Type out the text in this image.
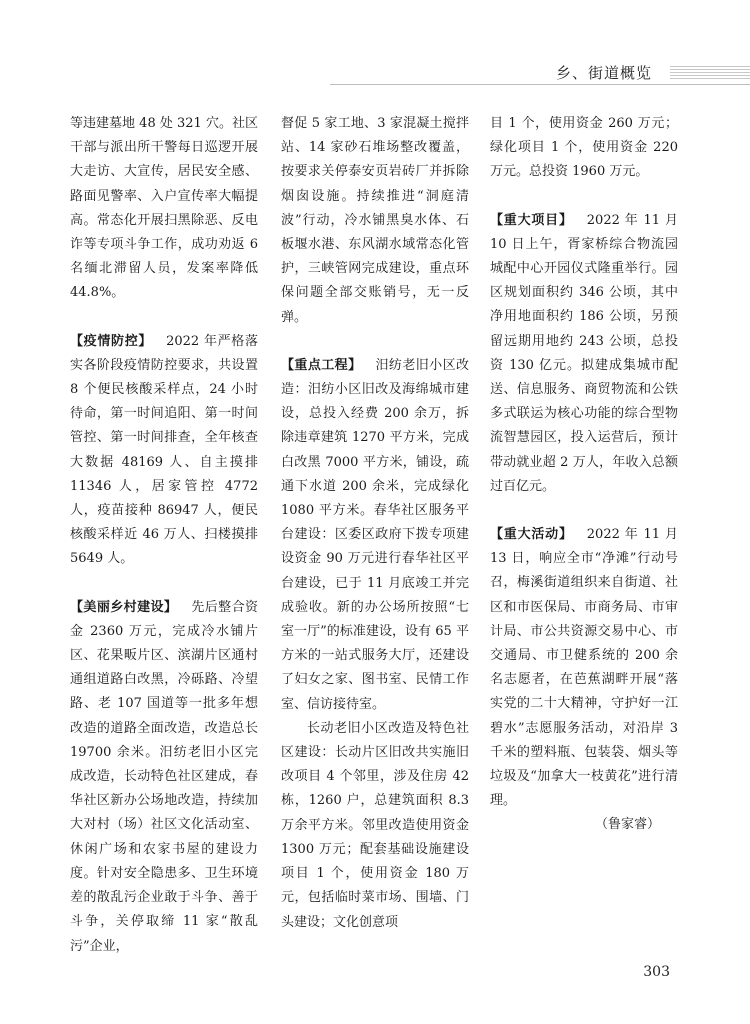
乡、街道概览

等违建墓地 48 处 321 穴。社区干部与派出所干警每日巡逻开展大走访、大宣传，居民安全感、路面见警率、入户宣传率大幅提高。常态化开展扫黑除恶、反电诈等专项斗争工作，成功劝返 6 名缅北滞留人员，发案率降低 44.8%。

【疫情防控】 2022 年严格落实各阶段疫情防控要求，共设置 8 个便民核酸采样点，24 小时待命，第一时间追阳、第一时间管控、第一时间排查，全年核查大数据 48169 人、自主摸排 11346 人，居家管控 4772 人，疫苗接种 86947 人，便民核酸采样近 46 万人、扫楼摸排 5649 人。

【美丽乡村建设】 先后整合资金 2360 万元，完成冷水铺片区、花果畈片区、滨湖片区通村通组道路白改黑，冷砾路、冷望路、老 107 国道等一批多年想改造的道路全面改造，改造总长 19700 余米。汨纺老旧小区完成改造，长动特色社区建成，春华社区新办公场地改造，持续加大对村（场）社区文化活动室、休闲广场和农家书屋的建设力度。针对安全隐患多、卫生环境差的散乱污企业敢于斗争、善于斗争，关停取缔 11 家“散乱污”企业，

督促 5 家工地、3 家混凝土搅拌站、14 家砂石堆场整改覆盖，按要求关停泰安页岩砖厂并拆除烟囱设施。持续推进“洞庭清波”行动，冷水铺黑臭水体、石板堰水港、东风湖水域常态化管护，三峡管网完成建设，重点环保问题全部交账销号，无一反弹。

【重点工程】 汨纺老旧小区改造：汨纺小区旧改及海绵城市建设，总投入经费 200 余万，拆除违章建筑 1270 平方米，完成白改黑 7000 平方米，铺设，疏通下水道 200 余米，完成绿化 1080 平方米。春华社区服务平台建设：区委区政府下拨专项建设资金 90 万元进行春华社区平台建设，已于 11 月底竣工并完成验收。新的办公场所按照“七室一厅”的标准建设，设有 65 平方米的一站式服务大厅，还建设了妇女之家、图书室、民情工作室、信访接待室。

长动老旧小区改造及特色社区建设：长动片区旧改共实施旧改项目 4 个邻里，涉及住房 42 栋，1260 户，总建筑面积 8.3 万余平方米。邻里改造使用资金 1300 万元；配套基础设施建设项目 1 个，使用资金 180 万元，包括临时菜市场、围墙、门头建设；文化创意项

目 1 个，使用资金 260 万元；绿化项目 1 个，使用资金 220 万元。总投资 1960 万元。

【重大项目】 2022 年 11 月 10 日上午，胥家桥综合物流园城配中心开园仪式隆重举行。园区规划面积约 346 公顷，其中净用地面积约 186 公顷，另预留远期用地约 243 公顷，总投资 130 亿元。拟建成集城市配送、信息服务、商贸物流和公铁多式联运为核心功能的综合型物流智慧园区，投入运营后，预计带动就业超 2 万人，年收入总额过百亿元。

【重大活动】 2022 年 11 月 13 日，响应全市“净滩”行动号召，梅溪街道组织来自街道、社区和市医保局、市商务局、市审计局、市公共资源交易中心、市交通局、市卫健系统的 200 余名志愿者，在芭蕉湖畔开展“落实党的二十大精神，守护好一江碧水”志愿服务活动，对沿岸 3 千米的塑料瓶、包装袋、烟头等垃圾及“加拿大一枝黄花”进行清理。

（鲁家睿）

303
